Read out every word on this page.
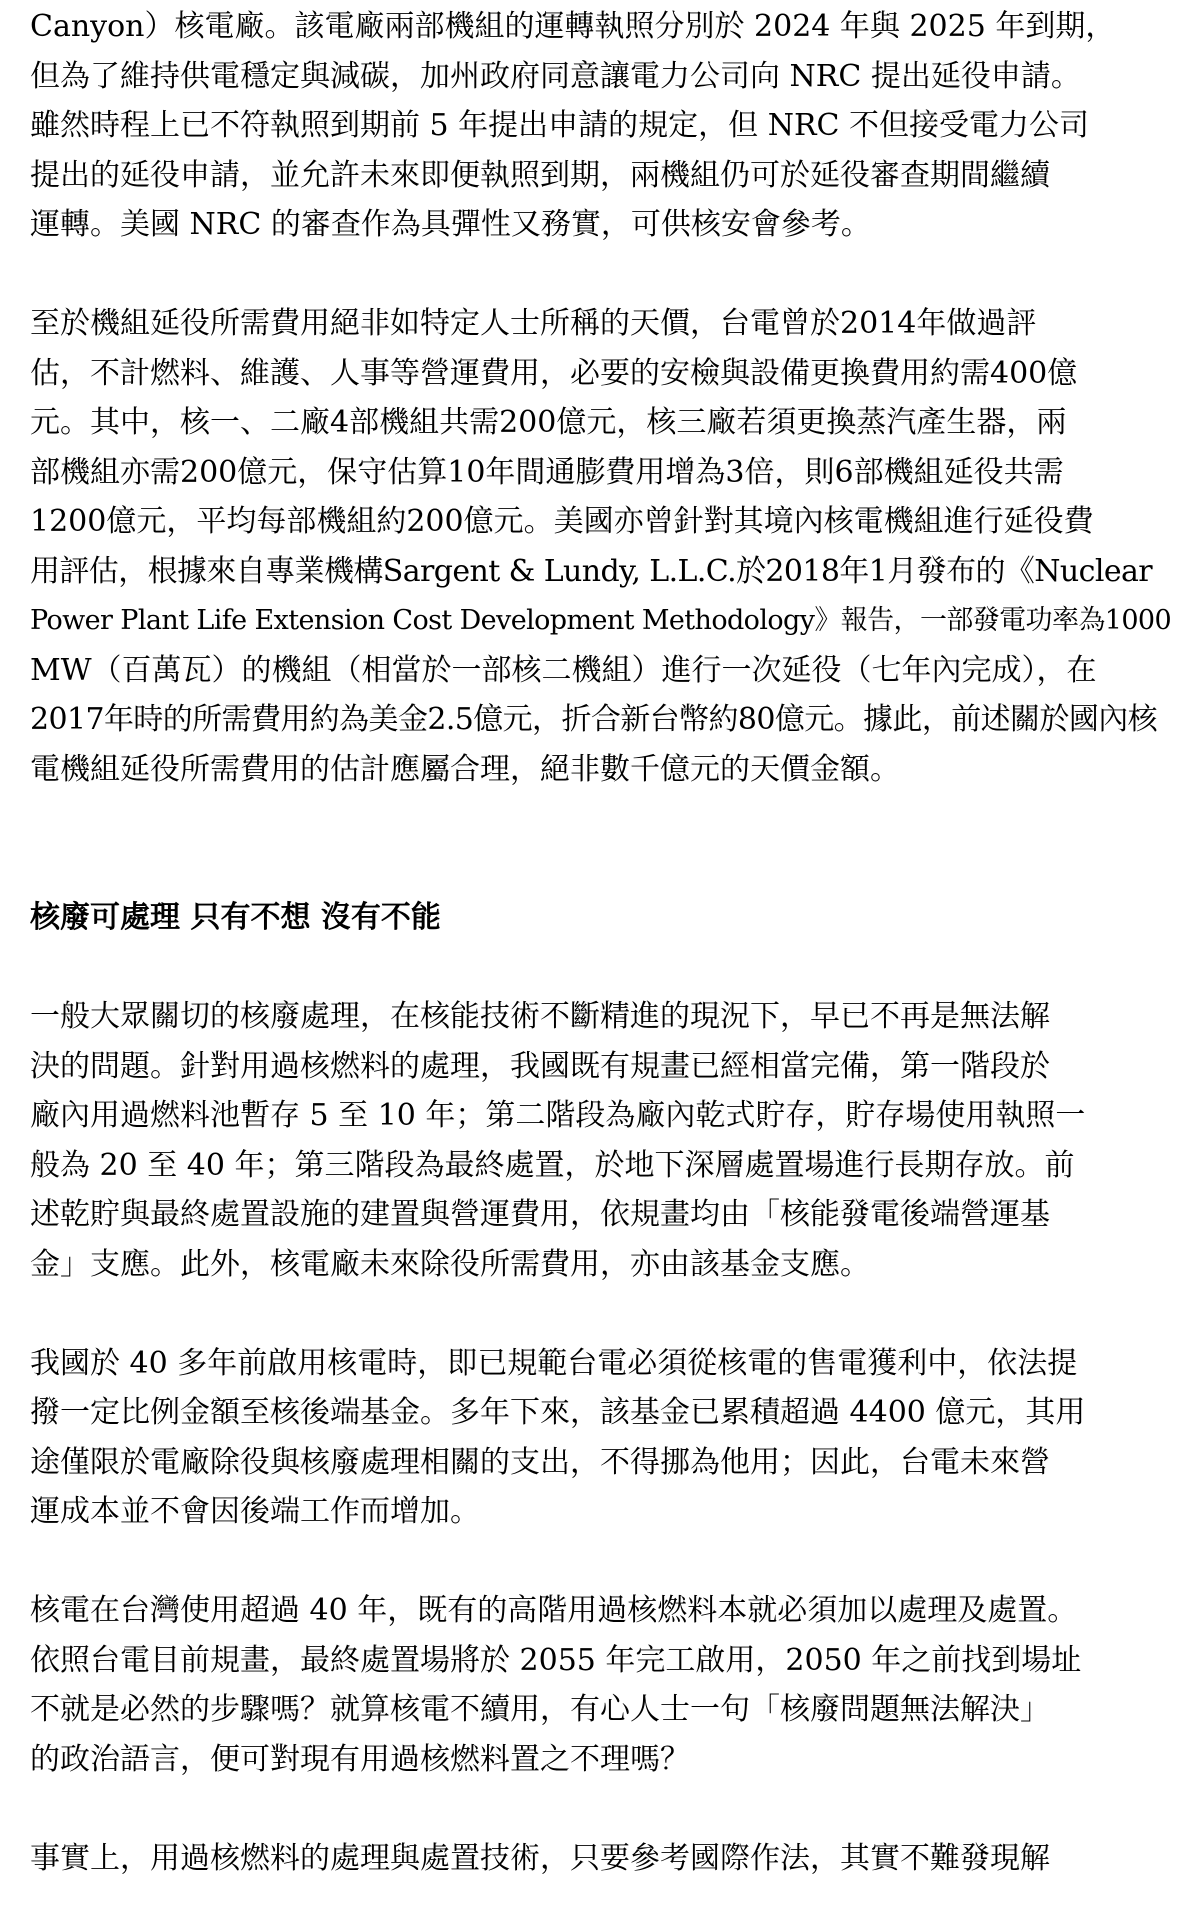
Canyon）核電廠。該電廠兩部機組的運轉執照分別於 2024 年與 2025 年到期，
但為了維持供電穩定與減碳，加州政府同意讓電力公司向 NRC 提出延役申請。
雖然時程上已不符執照到期前 5 年提出申請的規定，但 NRC 不但接受電力公司
提出的延役申請，並允許未來即便執照到期，兩機組仍可於延役審查期間繼續
運轉。美國 NRC 的審查作為具彈性又務實，可供核安會參考。

至於機組延役所需費用絕非如特定人士所稱的天價，台電曾於2014年做過評
估，不計燃料、維護、人事等營運費用，必要的安檢與設備更換費用約需400億
元。其中，核一、二廠4部機組共需200億元，核三廠若須更換蒸汽產生器，兩
部機組亦需200億元，保守估算10年間通膨費用增為3倍，則6部機組延役共需
1200億元，平均每部機組約200億元。美國亦曾針對其境內核電機組進行延役費
用評估，根據來自專業機構Sargent & Lundy, L.L.C.於2018年1月發布的《Nuclear
Power Plant Life Extension Cost Development Methodology》報告，一部發電功率為1000
MW（百萬瓦）的機組（相當於一部核二機組）進行一次延役（七年內完成），在
2017年時的所需費用約為美金2.5億元，折合新台幣約80億元。據此，前述關於國內核
電機組延役所需費用的估計應屬合理，絕非數千億元的天價金額。

核廢可處理 只有不想 沒有不能

一般大眾關切的核廢處理，在核能技術不斷精進的現況下，早已不再是無法解
決的問題。針對用過核燃料的處理，我國既有規畫已經相當完備，第一階段於
廠內用過燃料池暫存 5 至 10 年；第二階段為廠內乾式貯存，貯存場使用執照一
般為 20 至 40 年；第三階段為最終處置，於地下深層處置場進行長期存放。前
述乾貯與最終處置設施的建置與營運費用，依規畫均由「核能發電後端營運基
金」支應。此外，核電廠未來除役所需費用，亦由該基金支應。

我國於 40 多年前啟用核電時，即已規範台電必須從核電的售電獲利中，依法提
撥一定比例金額至核後端基金。多年下來，該基金已累積超過 4400 億元，其用
途僅限於電廠除役與核廢處理相關的支出，不得挪為他用；因此，台電未來營
運成本並不會因後端工作而增加。

核電在台灣使用超過 40 年，既有的高階用過核燃料本就必須加以處理及處置。
依照台電目前規畫，最終處置場將於 2055 年完工啟用，2050 年之前找到場址
不就是必然的步驟嗎？就算核電不續用，有心人士一句「核廢問題無法解決」
的政治語言，便可對現有用過核燃料置之不理嗎？

事實上，用過核燃料的處理與處置技術，只要參考國際作法，其實不難發現解
